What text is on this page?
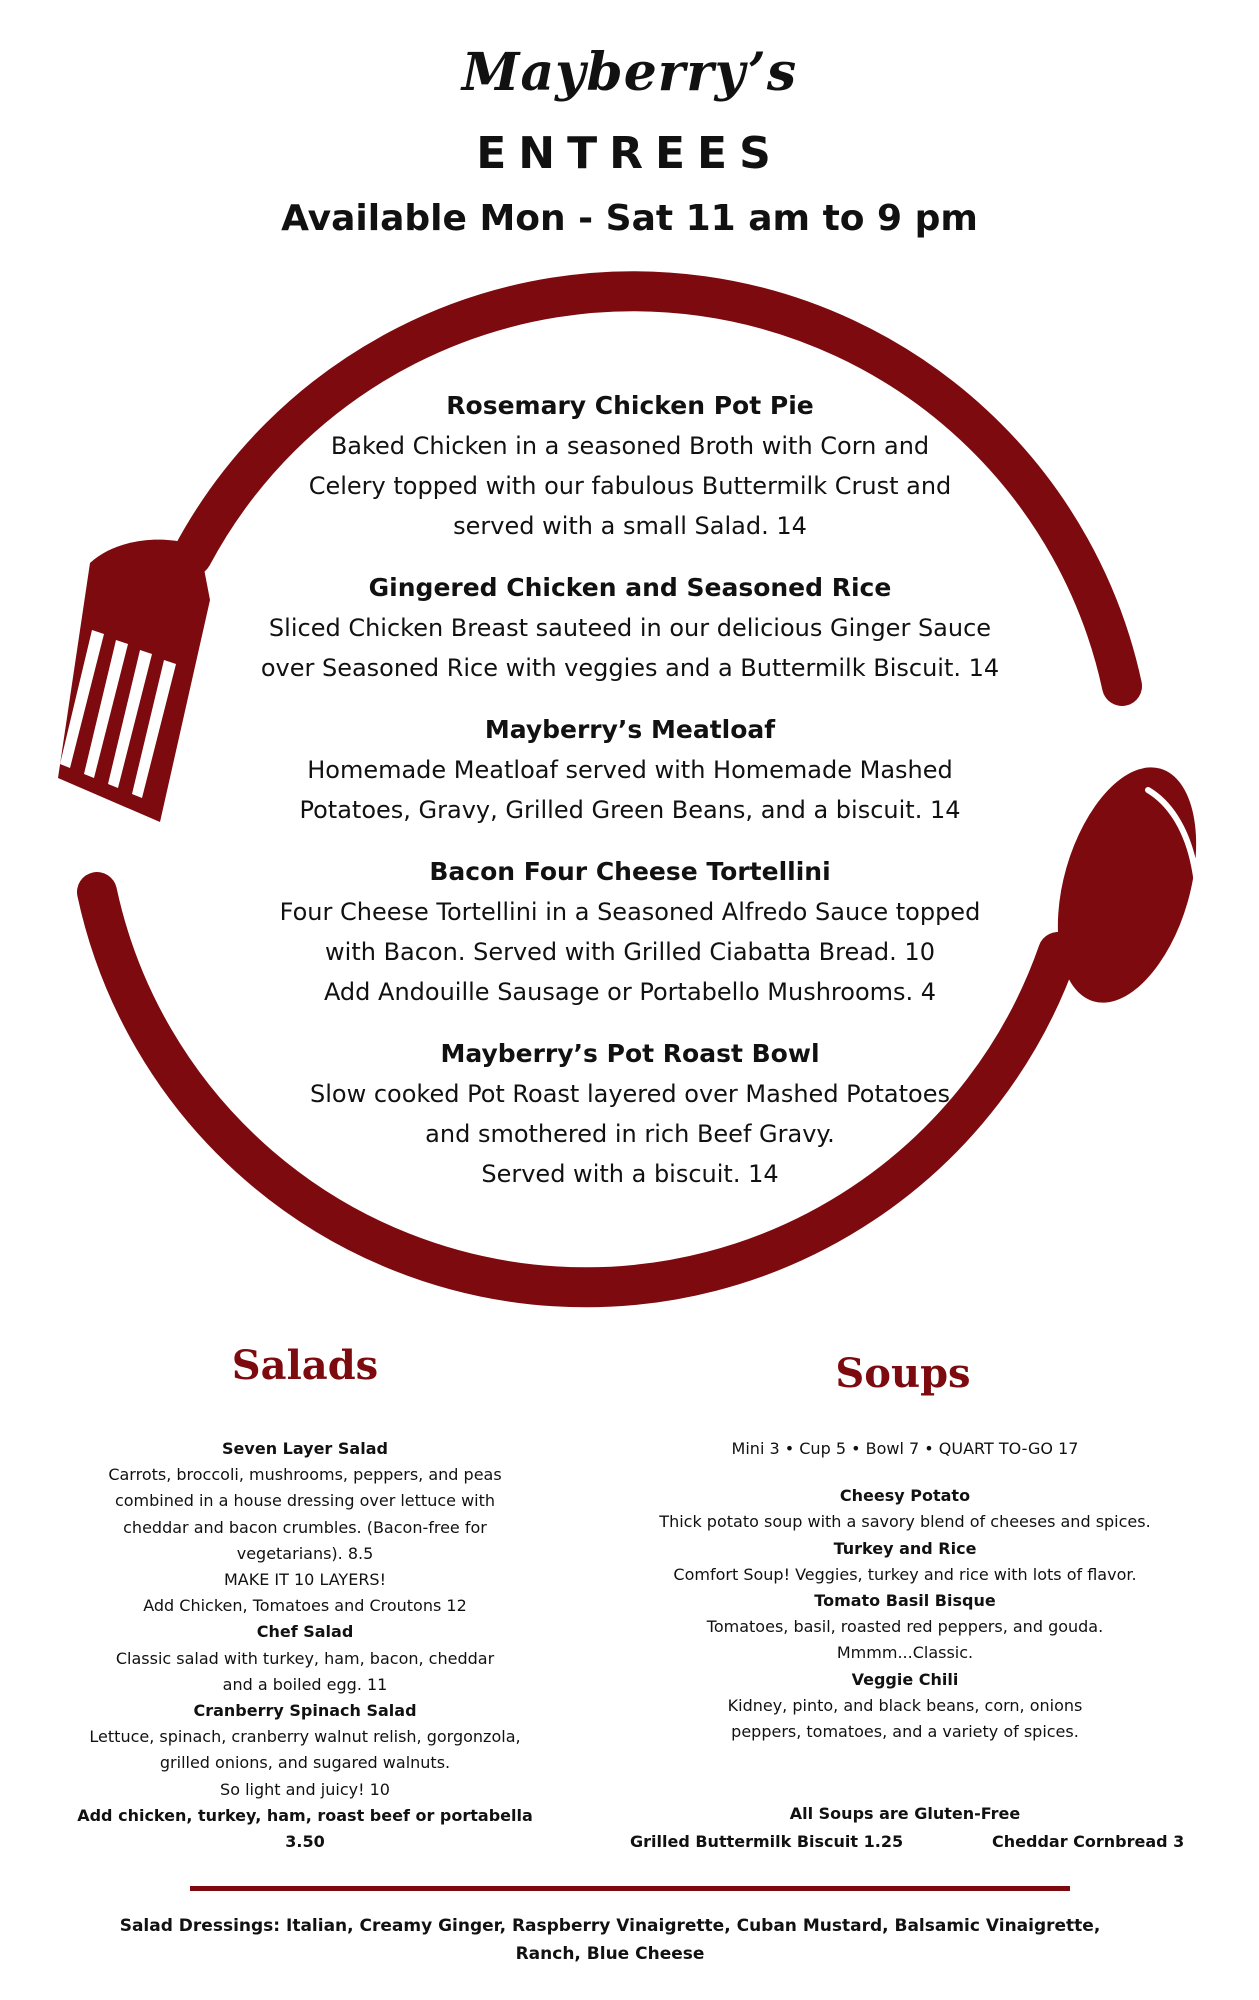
Mayberry’s
ENTREES
Available Mon - Sat 11 am to 9 pm
Rosemary Chicken Pot Pie
Baked Chicken in a seasoned Broth with Corn and
Celery topped with our fabulous Buttermilk Crust and
served with a small Salad. 14
Gingered Chicken and Seasoned Rice
Sliced Chicken Breast sauteed in our delicious Ginger Sauce
over Seasoned Rice with veggies and a Buttermilk Biscuit. 14
Mayberry’s Meatloaf
Homemade Meatloaf served with Homemade Mashed
Potatoes, Gravy, Grilled Green Beans, and a biscuit. 14
Bacon Four Cheese Tortellini
Four Cheese Tortellini in a Seasoned Alfredo Sauce topped
with Bacon. Served with Grilled Ciabatta Bread. 10
Add Andouille Sausage or Portabello Mushrooms. 4
Mayberry’s Pot Roast Bowl
Slow cooked Pot Roast layered over Mashed Potatoes
and smothered in rich Beef Gravy.
Served with a biscuit. 14
Salads
Seven Layer Salad
Carrots, broccoli, mushrooms, peppers, and peas
combined in a house dressing over lettuce with
cheddar and bacon crumbles. (Bacon-free for
vegetarians). 8.5
MAKE IT 10 LAYERS!
Add Chicken, Tomatoes and Croutons 12
Chef Salad
Classic salad with turkey, ham, bacon, cheddar
and a boiled egg. 11
Cranberry Spinach Salad
Lettuce, spinach, cranberry walnut relish, gorgonzola,
grilled onions, and sugared walnuts.
So light and juicy! 10
Add chicken, turkey, ham, roast beef or portabella 3.50
Soups
Mini 3 • Cup 5 • Bowl 7 • QUART TO-GO 17
Cheesy Potato
Thick potato soup with a savory blend of cheeses and spices.
Turkey and Rice
Comfort Soup! Veggies, turkey and rice with lots of flavor.
Tomato Basil Bisque
Tomatoes, basil, roasted red peppers, and gouda.
Mmmm...Classic.
Veggie Chili
Kidney, pinto, and black beans, corn, onions
peppers, tomatoes, and a variety of spices.
All Soups are Gluten-Free
Grilled Buttermilk Biscuit 1.25	Cheddar Cornbread 3
Salad Dressings: Italian, Creamy Ginger, Raspberry Vinaigrette, Cuban Mustard, Balsamic Vinaigrette,
Ranch, Blue Cheese
